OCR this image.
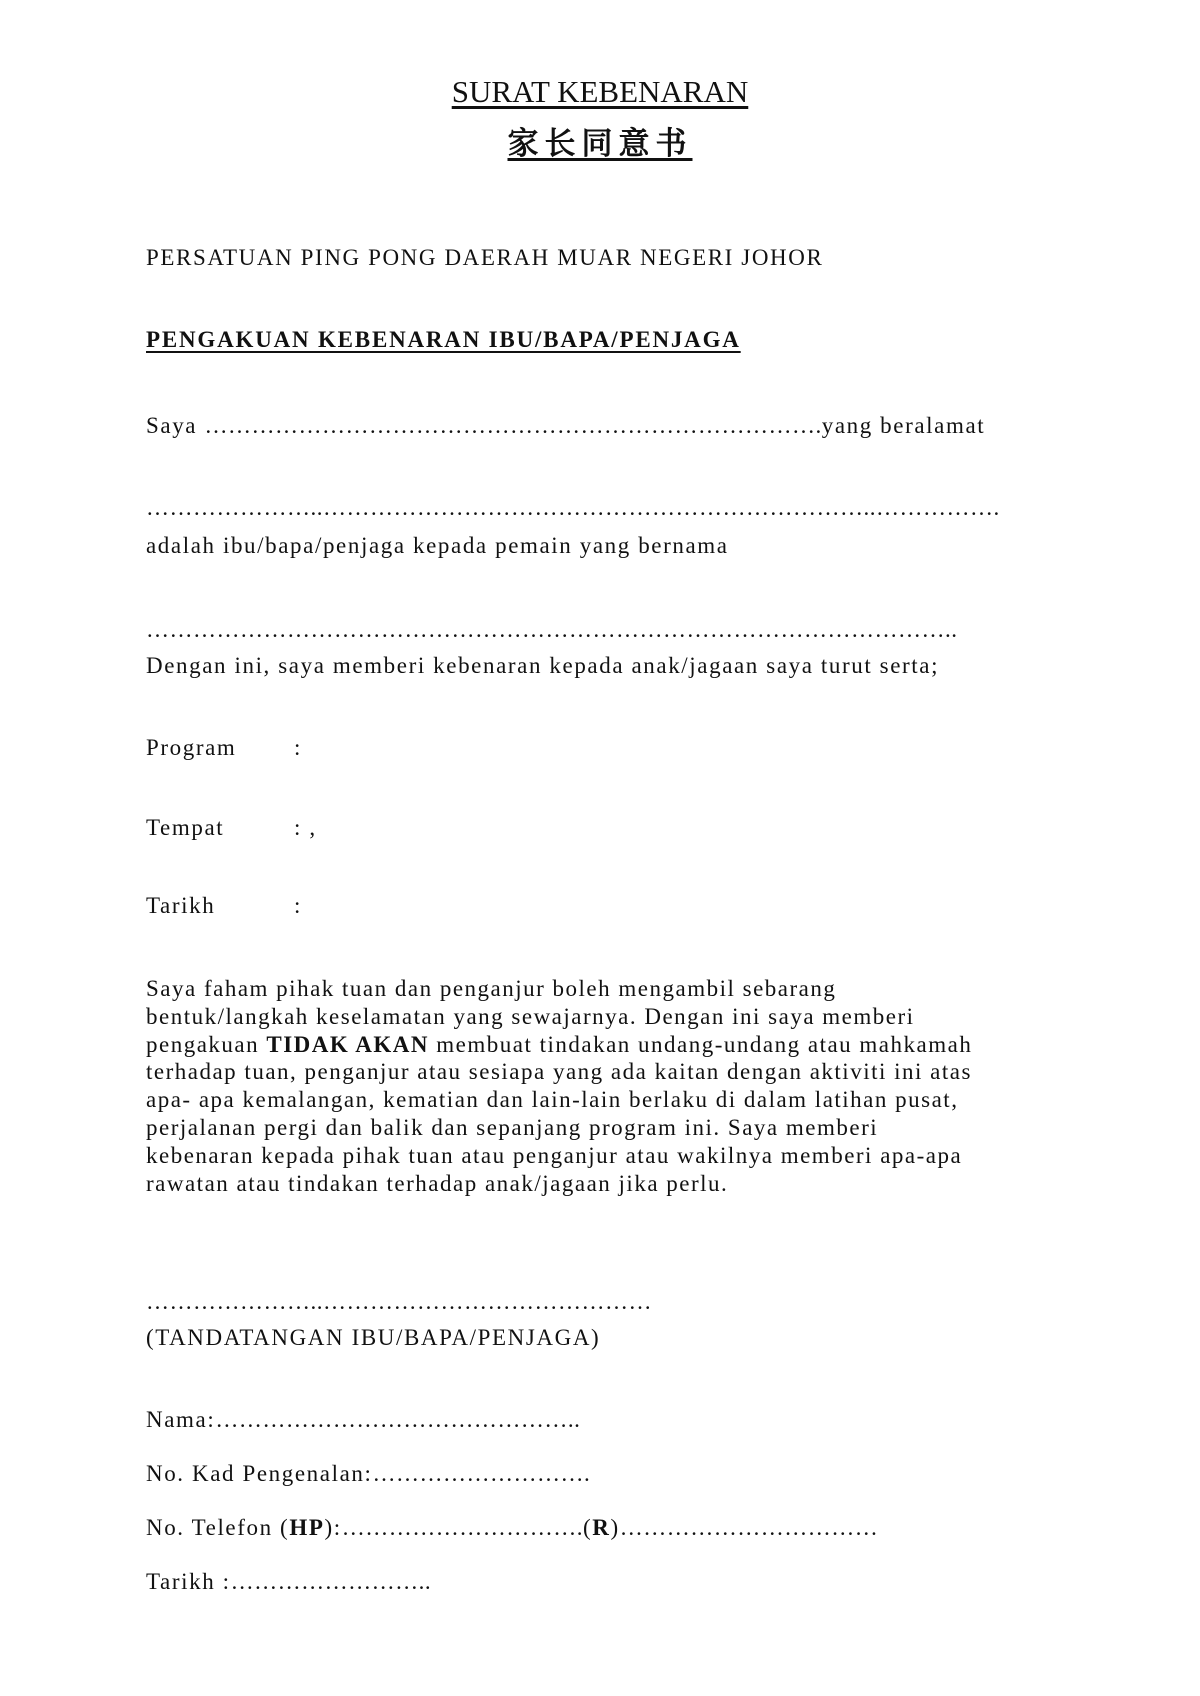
SURAT KEBENARAN
家长同意书
PERSATUAN PING PONG DAERAH MUAR NEGERI JOHOR
PENGAKUAN KEBENARAN IBU/BAPA/PENJAGA
Saya …………………………………………………………………….yang beralamat
…………………..……………………………………………………………..…………….
adalah ibu/bapa/penjaga kepada pemain yang bernama
…………………………………………………………………………………………..
Dengan ini, saya memberi kebenaran kepada anak/jagaan saya turut serta;
Program	:
Tempat	: ,
Tarikh	:
Saya faham pihak tuan dan penganjur boleh mengambil sebarang
bentuk/langkah keselamatan yang sewajarnya. Dengan ini saya memberi
pengakuan TIDAK AKAN membuat tindakan undang-undang atau mahkamah
terhadap tuan, penganjur atau sesiapa yang ada kaitan dengan aktiviti ini atas
apa- apa kemalangan, kematian dan lain-lain berlaku di dalam latihan pusat,
perjalanan pergi dan balik dan sepanjang program ini. Saya memberi
kebenaran kepada pihak tuan atau penganjur atau wakilnya memberi apa-apa
rawatan atau tindakan terhadap anak/jagaan jika perlu.
…………………..……………………………………
(TANDATANGAN IBU/BAPA/PENJAGA)
Nama:………………………………………..
No. Kad Pengenalan:……………………….
No. Telefon (HP):………………………….(R)……………………………
Tarikh :……………………..
